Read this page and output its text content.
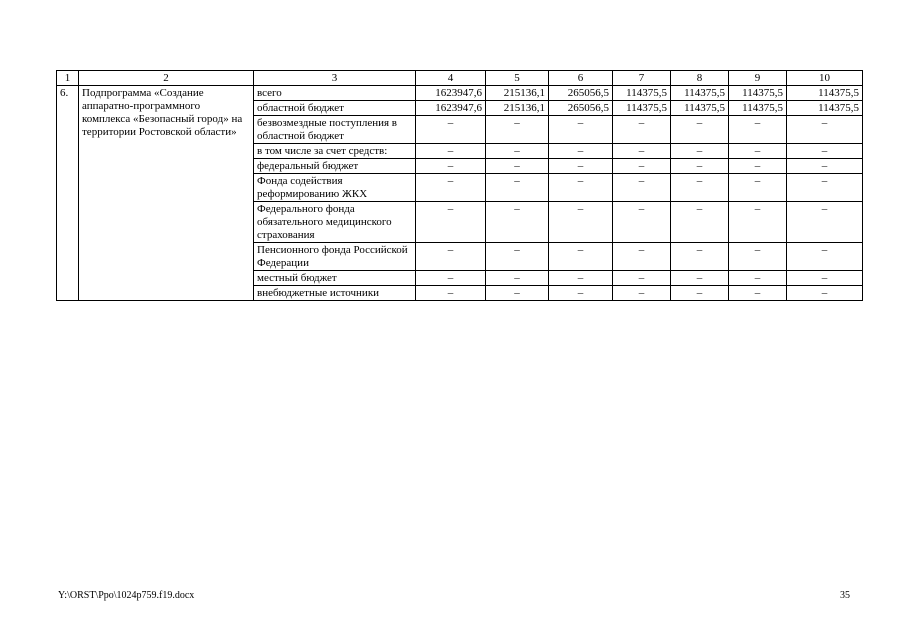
1	2	3	4	5	6	7	8	9	10
6.	Подпрограмма «Создание аппаратно-программного комплекса «Безопасный город» на территории Ростовской области»	всего	1623947,6	215136,1	265056,5	114375,5	114375,5	114375,5	114375,5
		областной бюджет	1623947,6	215136,1	265056,5	114375,5	114375,5	114375,5	114375,5
		безвозмездные поступления в областной бюджет	–	–	–	–	–	–	–
		в том числе за счет средств:	–	–	–	–	–	–	–
		федеральный бюджет	–	–	–	–	–	–	–
		Фонда содействия реформированию ЖКХ	–	–	–	–	–	–	–
		Федерального фонда обязательного медицинского страхования	–	–	–	–	–	–	–
		Пенсионного фонда Российской Федерации	–	–	–	–	–	–	–
		местный бюджет	–	–	–	–	–	–	–
		внебюджетные источники	–	–	–	–	–	–	–
Y:\ORST\Ppo\1024p759.f19.docx	35
